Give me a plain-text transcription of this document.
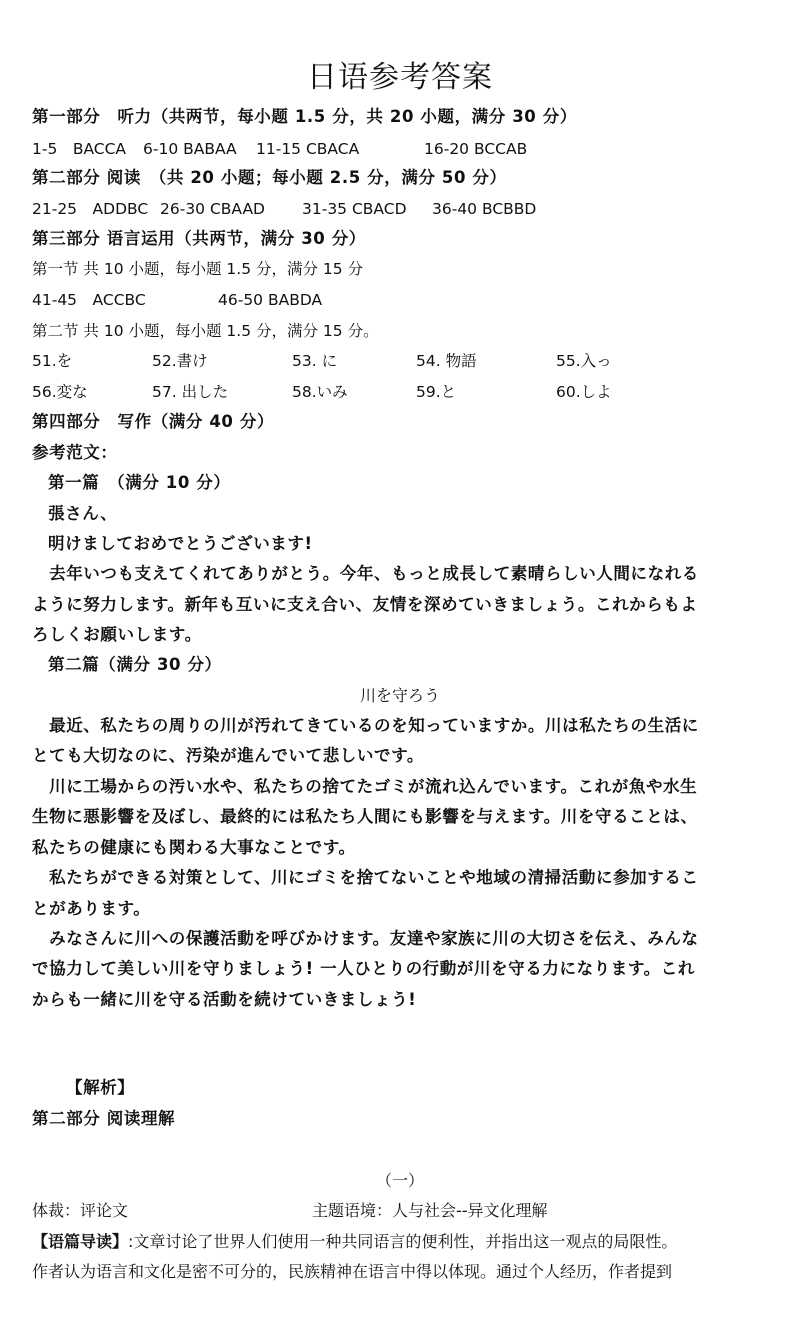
日语参考答案
第一部分　听力（共两节，每小题 1.5 分，共 20 小题，满分 30 分）
1-5　BACCA 6-10 BABAA 11-15 CBACA	16-20 BCCAB
第二部分 阅读　（共 20 小题；每小题 2.5 分，满分 50 分）
21-25　ADDBC 26-30 CBAAD 31-35 CBACD 36-40 BCBBD
第三部分 语言运用（共两节，满分 30 分）
第一节 共 10 小题，每小题 1.5 分，满分 15 分
41-45　ACCBC	46-50 BABDA
第二节 共 10 小题，每小题 1.5 分，满分 15 分。
51.を	52.書け	53. に	54. 物語	55.入っ
56.変な	57. 出した	58.いみ	59.と	60.しよ
第四部分　写作（满分 40 分）
参考范文：
第一篇　（满分 10 分）
張さん、
明けましておめでとうございます!
　去年いつも支えてくれてありがとう。今年、もっと成長して素晴らしい人間になれる
ように努力します。新年も互いに支え合い、友情を深めていきましょう。これからもよ
ろしくお願いします。
第二篇（满分 30 分）
川を守ろう
　最近、私たちの周りの川が汚れてきているのを知っていますか。川は私たちの生活に
とても大切なのに、汚染が進んでいて悲しいです。
　川に工場からの汚い水や、私たちの捨てたゴミが流れ込んでいます。これが魚や水生
生物に悪影響を及ぼし、最終的には私たち人間にも影響を与えます。川を守ることは、
私たちの健康にも関わる大事なことです。
　私たちができる対策として、川にゴミを捨てないことや地域の清掃活動に参加するこ
とがあります。
　みなさんに川への保護活動を呼びかけます。友達や家族に川の大切さを伝え、みんな
で協力して美しい川を守りましょう! 一人ひとりの行動が川を守る力になります。これ
からも一緒に川を守る活動を続けていきましょう!
【解析】
第二部分 阅读理解
（一）
体裁：评论文	主题语境：人与社会--异文化理解
【语篇导读】:文章讨论了世界人们使用一种共同语言的便利性，并指出这一观点的局限性。
作者认为语言和文化是密不可分的，民族精神在语言中得以体现。通过个人经历，作者提到
